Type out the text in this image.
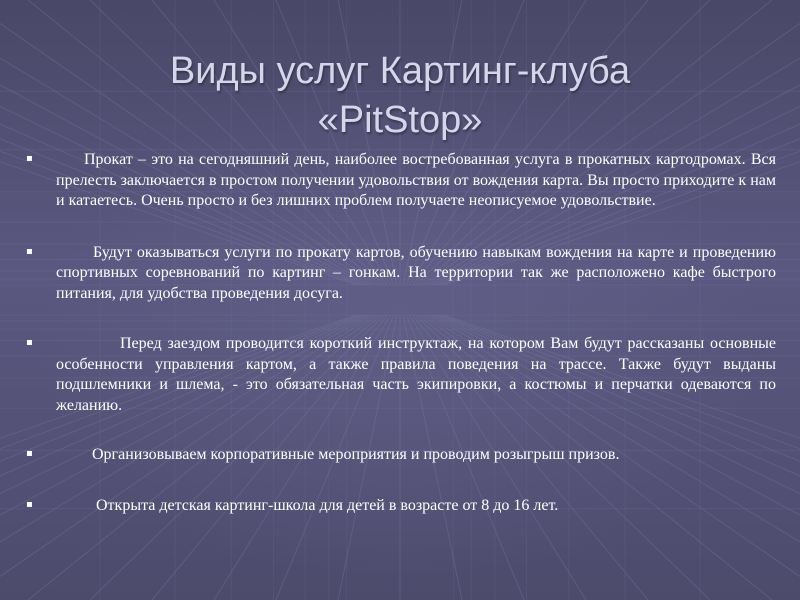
Виды услуг Картинг-клуба
«PitStop»
▪	Прокат – это на сегодняшний день, наиболее востребованная услуга в прокатных картодромах. Вся прелесть заключается в простом получении удовольствия от вождения карта. Вы просто приходите к нам и катаетесь. Очень просто и без лишних проблем получаете неописуемое удовольствие.

▪	Будут оказываться услуги по прокату картов, обучению навыкам вождения на карте и проведению спортивных соревнований по картинг – гонкам. На территории так же расположено кафе быстрого питания, для удобства проведения досуга.

▪	Перед заездом проводится короткий инструктаж, на котором Вам будут рассказаны основные особенности управления картом, а также правила поведения на трассе. Также будут выданы подшлемники и шлема, - это обязательная часть экипировки, а костюмы и перчатки одеваются по желанию.

▪	Организовываем корпоративные мероприятия и проводим розыгрыш призов.

▪	Открыта детская картинг-школа для детей в возрасте от 8 до 16 лет.
